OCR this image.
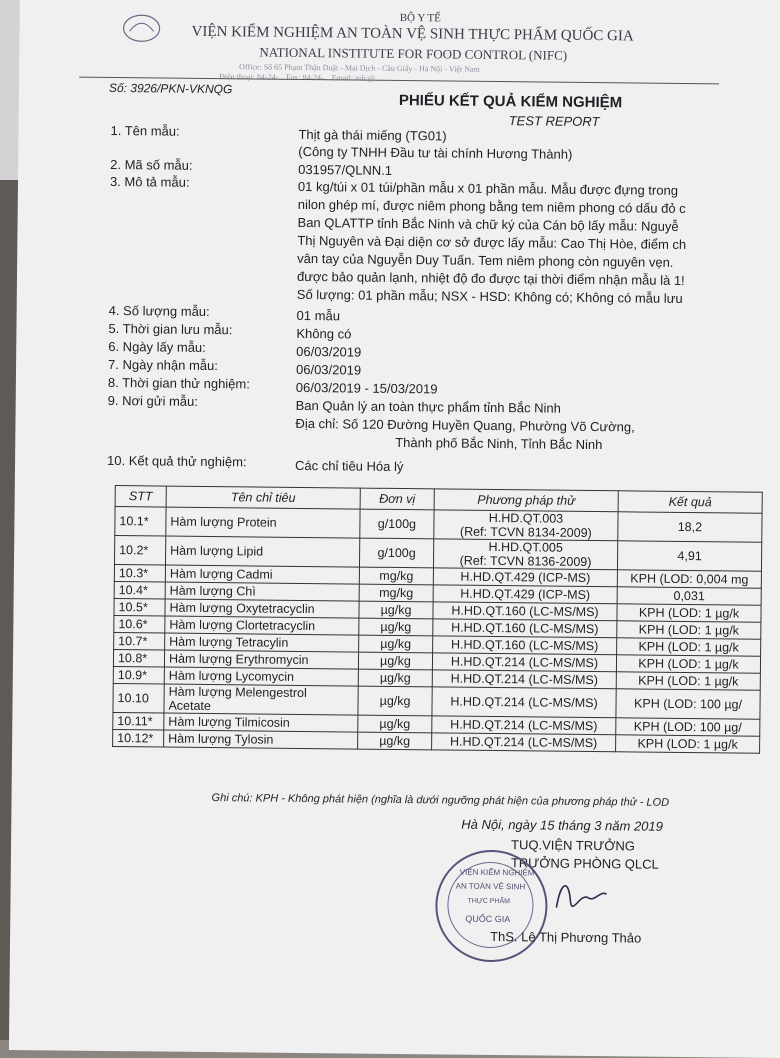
BỘ Y TẾ
VIỆN KIỂM NGHIỆM AN TOÀN VỆ SINH THỰC PHẨM QUỐC GIA
NATIONAL INSTITUTE FOR FOOD CONTROL (NIFC)
Office: Số 65 Phạm Thận Duật - Mai Dịch - Cầu Giấy - Hà Nội - Việt Nam
Điện thoại: 84-24-... Fax: 84-24-... Email: nifc@...
Số: 3926/PKN-VKNQG
PHIẾU KẾT QUẢ KIỂM NGHIỆM
TEST REPORT
1. Tên mẫu:	Thịt gà thái miếng (TG01)
(Công ty TNHH Đầu tư tài chính Hương Thành)
2. Mã số mẫu:	031957/QLNN.1
3. Mô tả mẫu:	01 kg/túi x 01 túi/phần mẫu x 01 phần mẫu. Mẫu được đựng trong
nilon ghép mí, được niêm phong bằng tem niêm phong có dấu đỏ c
Ban QLATTP tỉnh Bắc Ninh và chữ ký của Cán bộ lấy mẫu: Nguyễ
Thị Nguyên và Đại diện cơ sở được lấy mẫu: Cao Thị Hòe, điểm ch
vân tay của Nguyễn Duy Tuấn. Tem niêm phong còn nguyên vẹn.
được bảo quản lạnh, nhiệt độ đo được tại thời điểm nhận mẫu là 1!
Số lượng: 01 phần mẫu; NSX - HSD: Không có; Không có mẫu lưu
4. Số lượng mẫu:	01 mẫu
5. Thời gian lưu mẫu:	Không có
6. Ngày lấy mẫu:	06/03/2019
7. Ngày nhận mẫu:	06/03/2019
8. Thời gian thử nghiệm:	06/03/2019 - 15/03/2019
9. Nơi gửi mẫu:	Ban Quản lý an toàn thực phẩm tỉnh Bắc Ninh
Địa chỉ: Số 120 Đường Huyền Quang, Phường Võ Cường,
Thành phố Bắc Ninh, Tỉnh Bắc Ninh
10. Kết quả thử nghiệm:	Các chỉ tiêu Hóa lý
STT	Tên chỉ tiêu	Đơn vị	Phương pháp thử	Kết quả
10.1*	Hàm lượng Protein	g/100g	H.HD.QT.003
(Ref: TCVN 8134-2009)	18,2
10.2*	Hàm lượng Lipid	g/100g	H.HD.QT.005
(Ref: TCVN 8136-2009)	4,91
10.3*	Hàm lượng Cadmi	mg/kg	H.HD.QT.429 (ICP-MS)	KPH (LOD: 0,004 mg
10.4*	Hàm lượng Chì	mg/kg	H.HD.QT.429 (ICP-MS)	0,031
10.5*	Hàm lượng Oxytetracyclin	µg/kg	H.HD.QT.160 (LC-MS/MS)	KPH (LOD: 1 µg/k
10.6*	Hàm lượng Clortetracyclin	µg/kg	H.HD.QT.160 (LC-MS/MS)	KPH (LOD: 1 µg/k
10.7*	Hàm lượng Tetracylin	µg/kg	H.HD.QT.160 (LC-MS/MS)	KPH (LOD: 1 µg/k
10.8*	Hàm lượng Erythromycin	µg/kg	H.HD.QT.214 (LC-MS/MS)	KPH (LOD: 1 µg/k
10.9*	Hàm lượng Lycomycin	µg/kg	H.HD.QT.214 (LC-MS/MS)	KPH (LOD: 1 µg/k
10.10	Hàm lượng Melengestrol
Acetate	µg/kg	H.HD.QT.214 (LC-MS/MS)	KPH (LOD: 100 µg/
10.11*	Hàm lượng Tilmicosin	µg/kg	H.HD.QT.214 (LC-MS/MS)	KPH (LOD: 100 µg/
10.12*	Hàm lượng Tylosin	µg/kg	H.HD.QT.214 (LC-MS/MS)	KPH (LOD: 1 µg/k
Ghi chú: KPH - Không phát hiện (nghĩa là dưới ngưỡng phát hiện của phương pháp thử - LOD
Hà Nội, ngày 15 tháng 3 năm 2019
TUQ.VIỆN TRƯỞNG
TRƯỞNG PHÒNG QLCL
VIỆN KIỂM NGHIỆM
AN TOÀN VỆ SINH
THỰC PHẨM
QUỐC GIA
ThS. Lê Thị Phương Thảo
